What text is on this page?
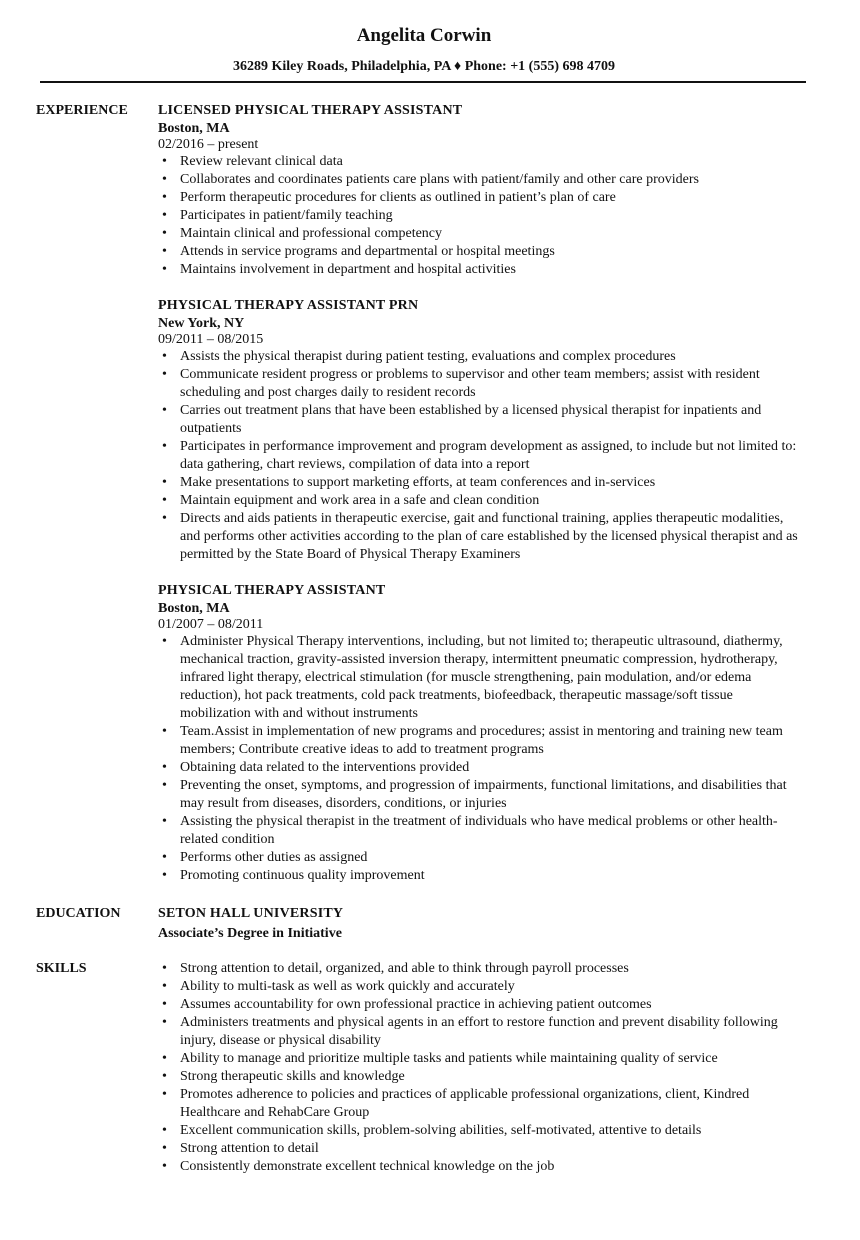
Angelita Corwin
36289 Kiley Roads, Philadelphia, PA ♦ Phone: +1 (555) 698 4709
EXPERIENCE	LICENSED PHYSICAL THERAPY ASSISTANT
Boston, MA
02/2016 – present
• Review relevant clinical data
• Collaborates and coordinates patients care plans with patient/family and other care providers
• Perform therapeutic procedures for clients as outlined in patient’s plan of care
• Participates in patient/family teaching
• Maintain clinical and professional competency
• Attends in service programs and departmental or hospital meetings
• Maintains involvement in department and hospital activities
PHYSICAL THERAPY ASSISTANT PRN
New York, NY
09/2011 – 08/2015
• Assists the physical therapist during patient testing, evaluations and complex procedures
• Communicate resident progress or problems to supervisor and other team members; assist with resident scheduling and post charges daily to resident records
• Carries out treatment plans that have been established by a licensed physical therapist for inpatients and outpatients
• Participates in performance improvement and program development as assigned, to include but not limited to: data gathering, chart reviews, compilation of data into a report
• Make presentations to support marketing efforts, at team conferences and in-services
• Maintain equipment and work area in a safe and clean condition
• Directs and aids patients in therapeutic exercise, gait and functional training, applies therapeutic modalities, and performs other activities according to the plan of care established by the licensed physical therapist and as permitted by the State Board of Physical Therapy Examiners
PHYSICAL THERAPY ASSISTANT
Boston, MA
01/2007 – 08/2011
• Administer Physical Therapy interventions, including, but not limited to; therapeutic ultrasound, diathermy, mechanical traction, gravity-assisted inversion therapy, intermittent pneumatic compression, hydrotherapy, infrared light therapy, electrical stimulation (for muscle strengthening, pain modulation, and/or edema reduction), hot pack treatments, cold pack treatments, biofeedback, therapeutic massage/soft tissue mobilization with and without instruments
• Team.Assist in implementation of new programs and procedures; assist in mentoring and training new team members; Contribute creative ideas to add to treatment programs
• Obtaining data related to the interventions provided
• Preventing the onset, symptoms, and progression of impairments, functional limitations, and disabilities that may result from diseases, disorders, conditions, or injuries
• Assisting the physical therapist in the treatment of individuals who have medical problems or other health-related condition
• Performs other duties as assigned
• Promoting continuous quality improvement
EDUCATION	SETON HALL UNIVERSITY
Associate’s Degree in Initiative
SKILLS
•	Strong attention to detail, organized, and able to think through payroll processes
• Ability to multi-task as well as work quickly and accurately
• Assumes accountability for own professional practice in achieving patient outcomes
• Administers treatments and physical agents in an effort to restore function and prevent disability following injury, disease or physical disability
• Ability to manage and prioritize multiple tasks and patients while maintaining quality of service
• Strong therapeutic skills and knowledge
• Promotes adherence to policies and practices of applicable professional organizations, client, Kindred Healthcare and RehabCare Group
• Excellent communication skills, problem-solving abilities, self-motivated, attentive to details
• Strong attention to detail
• Consistently demonstrate excellent technical knowledge on the job
